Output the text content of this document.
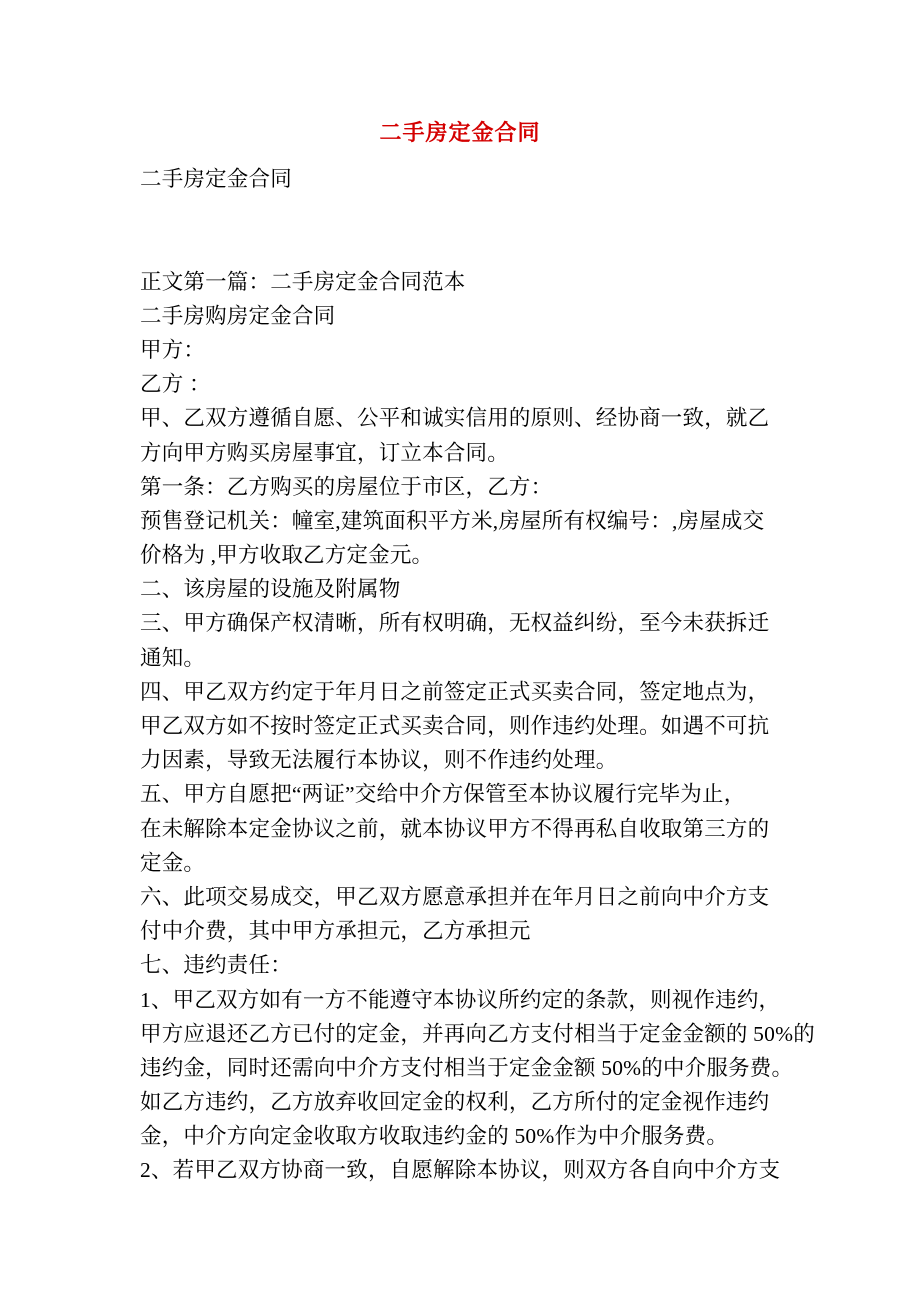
二手房定金合同
二手房定金合同

正文第一篇：二手房定金合同范本
二手房购房定金合同
甲方：
乙方 ：
甲、乙双方遵循自愿、公平和诚实信用的原则、经协商一致，就乙
方向甲方购买房屋事宜，订立本合同。
第一条：乙方购买的房屋位于市区，乙方：
预售登记机关：幢室,建筑面积平方米,房屋所有权编号：,房屋成交
价格为 ,甲方收取乙方定金元。
二、该房屋的设施及附属物
三、甲方确保产权清晰，所有权明确，无权益纠纷，至今未获拆迁
通知。
四、甲乙双方约定于年月日之前签定正式买卖合同，签定地点为，
甲乙双方如不按时签定正式买卖合同，则作违约处理。如遇不可抗
力因素，导致无法履行本协议，则不作违约处理。
五、甲方自愿把“两证”交给中介方保管至本协议履行完毕为止，
在未解除本定金协议之前，就本协议甲方不得再私自收取第三方的
定金。
六、此项交易成交，甲乙双方愿意承担并在年月日之前向中介方支
付中介费，其中甲方承担元，乙方承担元
七、违约责任：
1、甲乙双方如有一方不能遵守本协议所约定的条款，则视作违约，
甲方应退还乙方已付的定金，并再向乙方支付相当于定金金额的 50%的
违约金，同时还需向中介方支付相当于定金金额 50%的中介服务费。
如乙方违约，乙方放弃收回定金的权利，乙方所付的定金视作违约
金，中介方向定金收取方收取违约金的 50%作为中介服务费。
2、若甲乙双方协商一致，自愿解除本协议，则双方各自向中介方支
